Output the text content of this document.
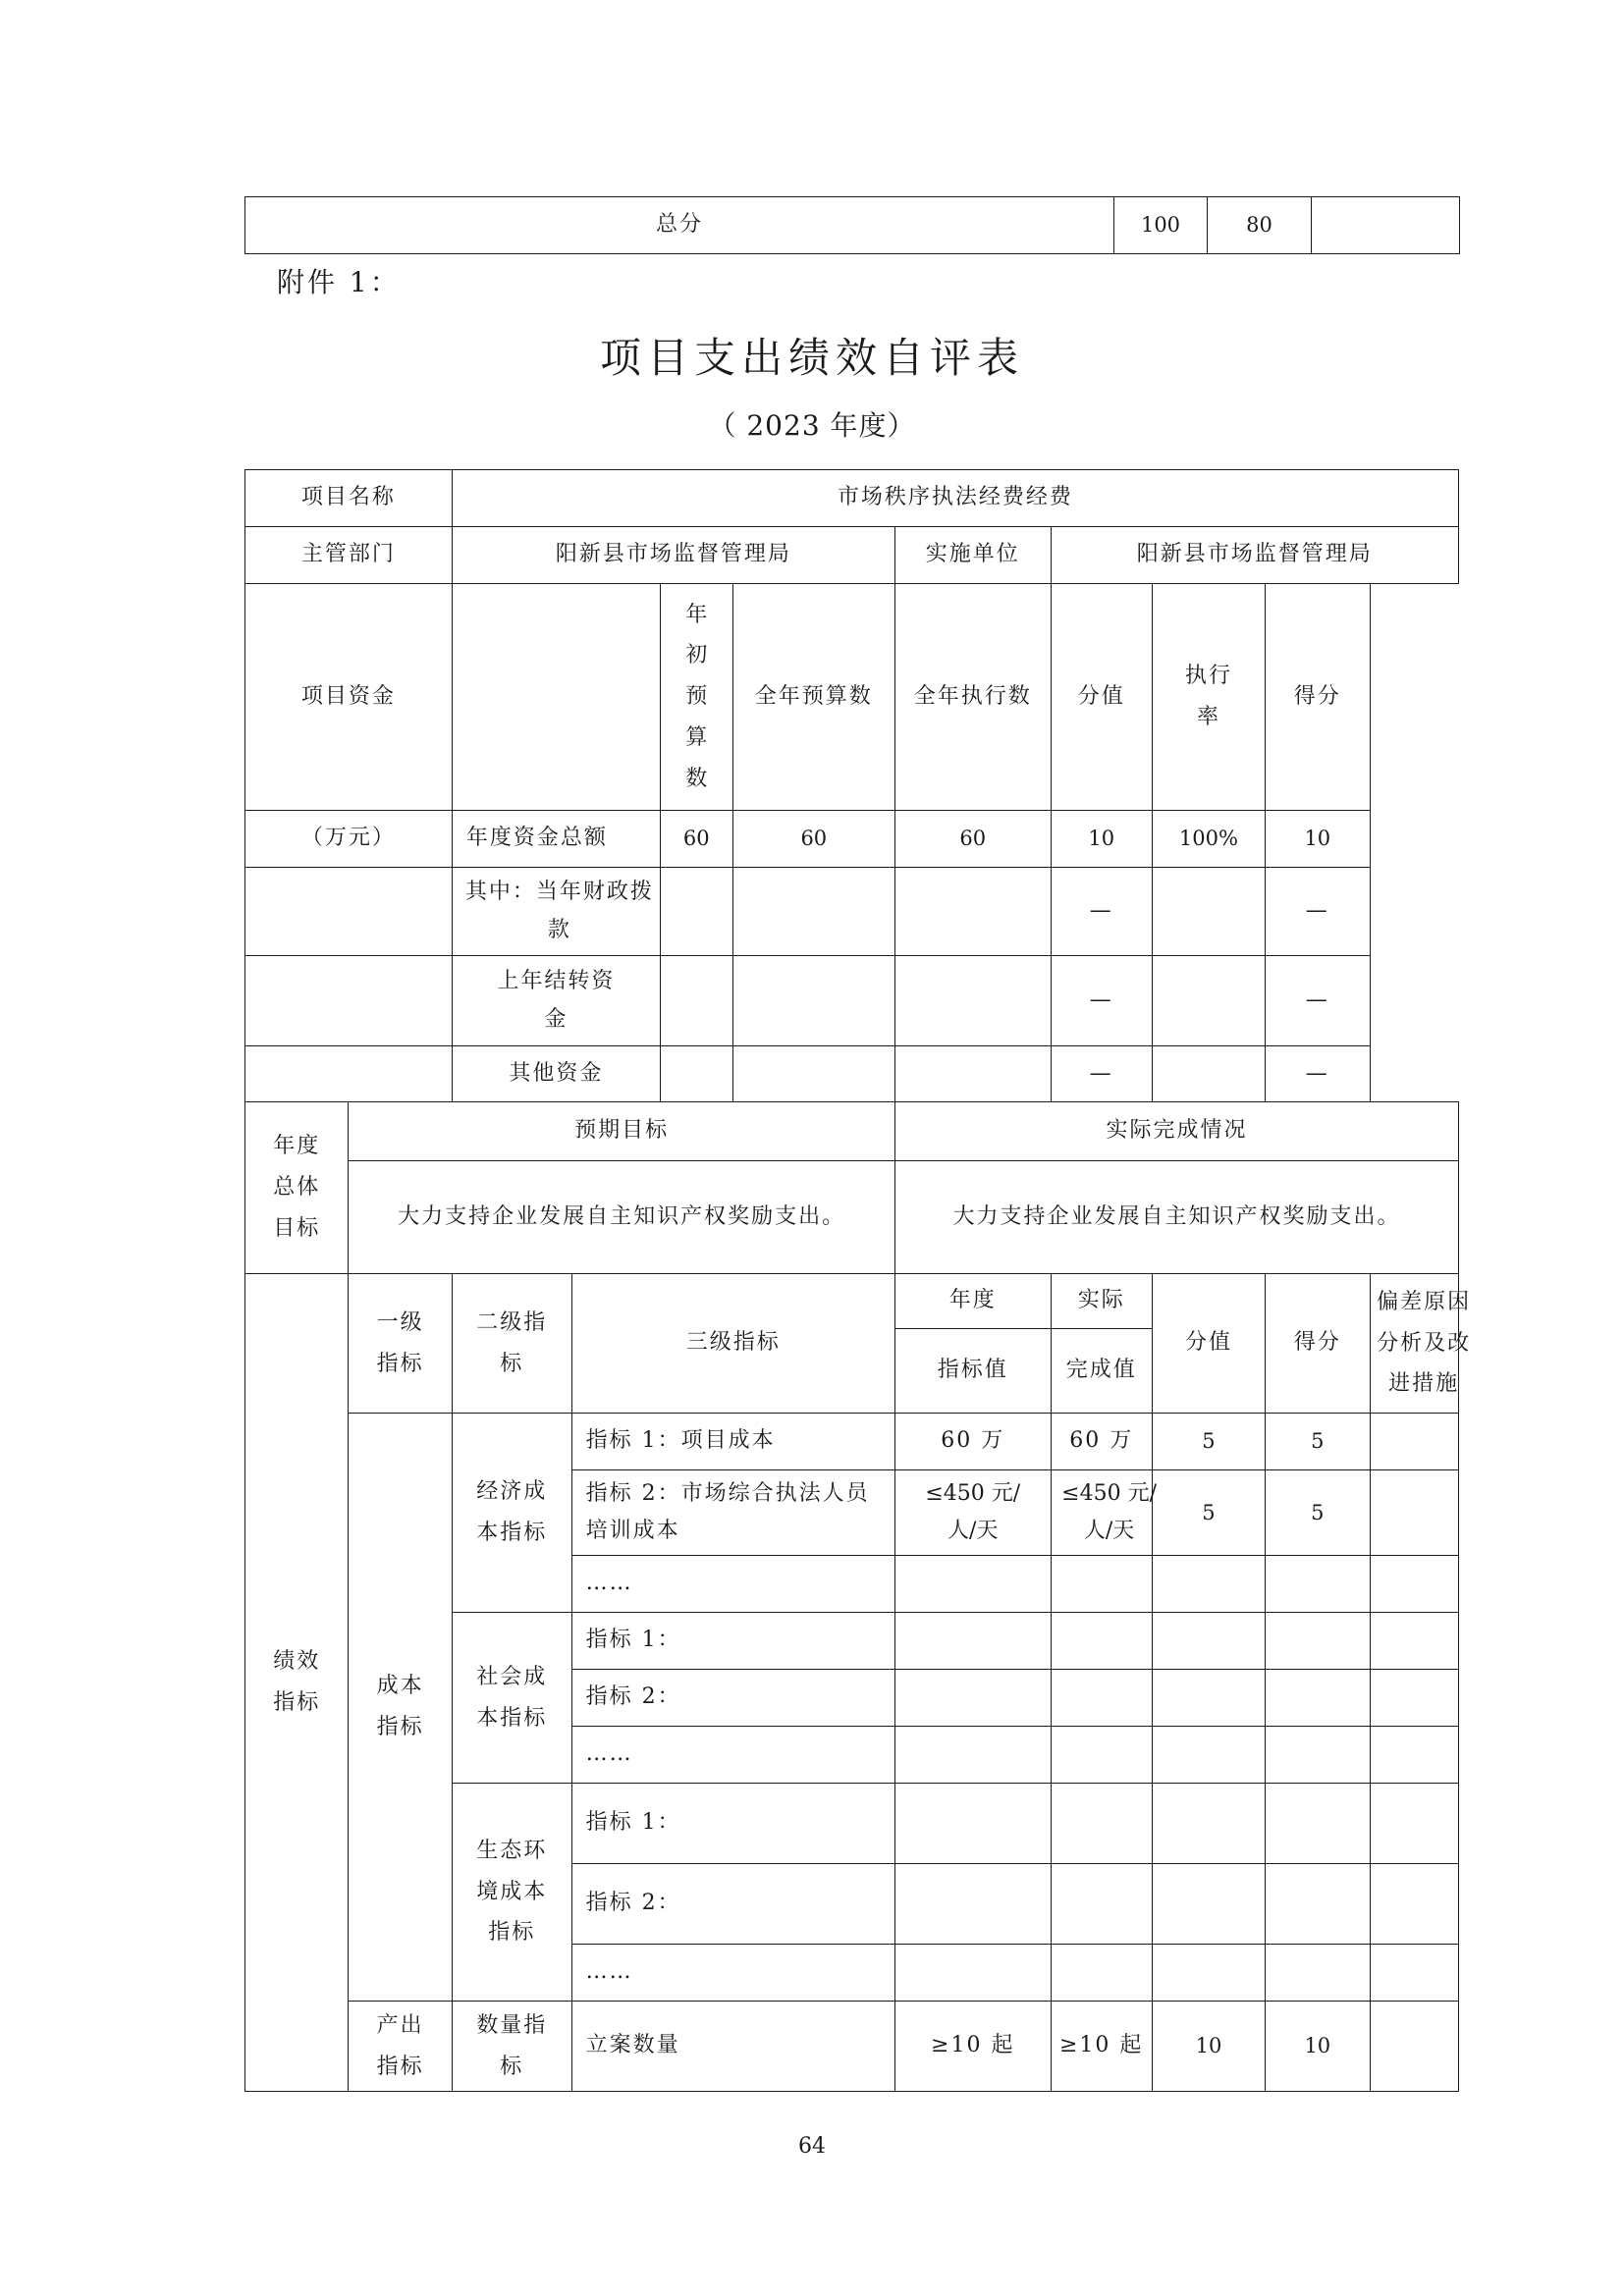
总分	100	80	
附件 1：
项目支出绩效自评表
（ 2023 年度）
项目名称		市场秩序执法经费经费								
主管部门		阳新县市场监督管理局				实施单位	阳新县市场监督管理局			
项目资金				年初预算数	全年预算数	全年执行数	分值	执行率	得分	
（万元）		年度资金总额		60	60	60	10	100%	10	
		其中：当年财政拨款					—		—	
		上年结转资金					—		—	
		其他资金					—		—	
年度总体目标	预期目标					实际完成情况				
	大力支持企业发展自主知识产权奖励支出。					大力支持企业发展自主知识产权奖励支出。				
绩效指标	一级指标	二级指标	三级指标			年度	实际	分值	得分	偏差原因分析及改进措施
						指标值	完成值			
	成本指标	经济成本指标	指标 1：项目成本			60 万	60 万	5	5	
			指标 2：市场综合执法人员培训成本			≤450 元/人/天	≤450 元/人/天	5	5	
			……							
		社会成本指标	指标 1：							
			指标 2：							
			……							
		生态环境成本指标	指标 1：							
			指标 2：							
			……							
	产出指标	数量指标	立案数量			≥10 起	≥10 起	10	10	
64
